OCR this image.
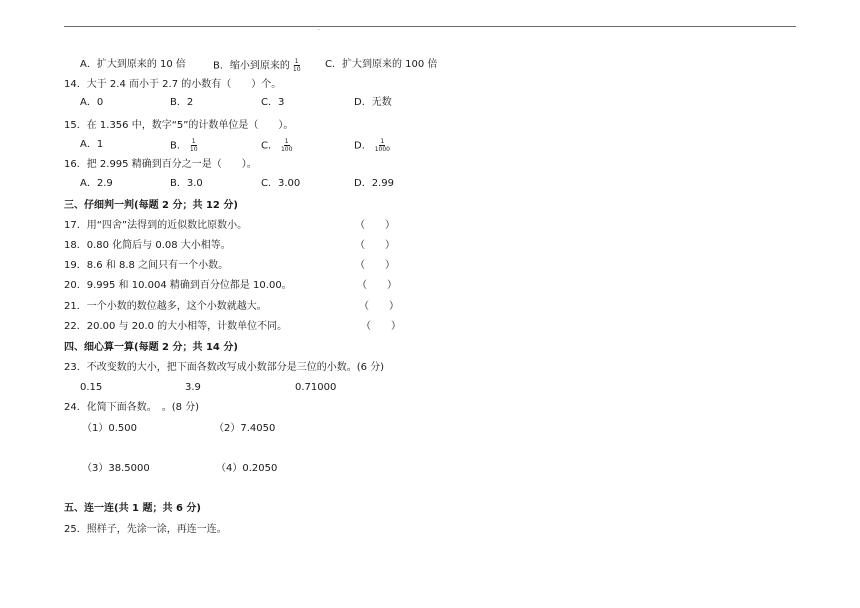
·
A．扩大到原来的 10 倍	B．缩小到原来的 $\frac{1}{10}$ C．扩大到原来的 100 倍
14．大于 2.4 而小于 2.7 的小数有（　　）个。
A．0	B．2	C．3	D．无数
15．在 1.356 中，数字“5”的计数单位是（　　）。
A．1	B． $\frac{1}{10}$	C． $\frac{1}{100}$	D． $\frac{1}{1000}$
16．把 2.995 精确到百分之一是（　　）。
A．2.9	B．3.0	C．3.00	D．2.99
三、仔细判一判(每题 2 分；共 12 分)
17．用“四舍”法得到的近似数比原数小。	（　　）
18．0.80 化简后与 0.08 大小相等。	（　　）
19．8.6 和 8.8 之间只有一个小数。	（　　）
20．9.995 和 10.004 精确到百分位都是 10.00。	（　　）
21．一个小数的数位越多，这个小数就越大。	（　　）
22．20.00 与 20.0 的大小相等，计数单位不同。	（　　）
四、细心算一算(每题 2 分；共 14 分)
23．不改变数的大小，把下面各数改写成小数部分是三位的小数。(6 分)
0.15	3.9	0.71000
24．化简下面各数。　。(8 分)
（1）0.500	（2）7.4050
（3）38.5000	（4）0.2050
五、连一连(共 1 题；共 6 分)
25．照样子，先涂一涂，再连一连。
